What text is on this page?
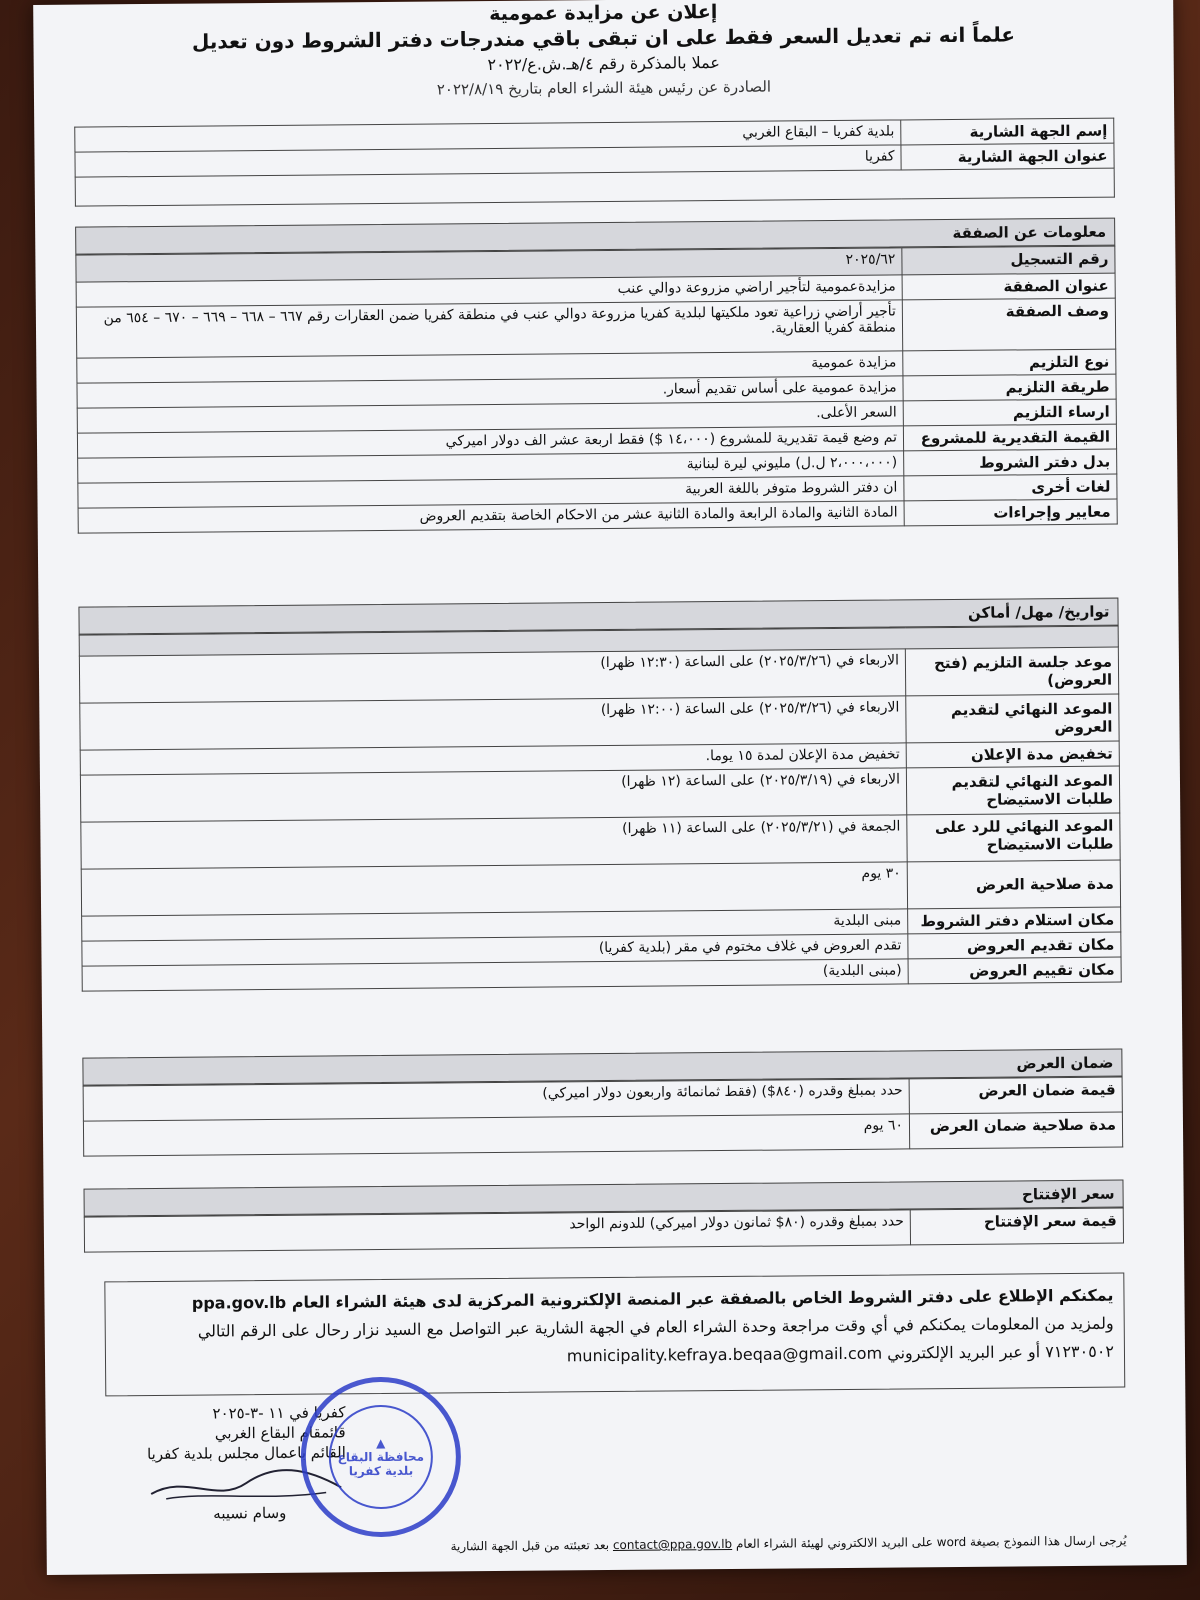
إعلان عن مزايدة عمومية

علماً انه تم تعديل السعر فقط على ان تبقى باقي مندرجات دفتر الشروط دون تعديل

عملا بالمذكرة رقم ٤/هـ.ش.ع/٢٠٢٢

الصادرة عن رئيس هيئة الشراء العام بتاريخ ٢٠٢٢/٨/١٩

إسم الجهة الشارية	بلدية كفريا – البقاع الغربي
عنوان الجهة الشارية	كفريا

معلومات عن الصفقة
رقم التسجيل	٢٠٢٥/٦٢
عنوان الصفقة	مزايدةعمومية لتأجير اراضي مزروعة دوالي عنب
وصف الصفقة	تأجير أراضي زراعية تعود ملكيتها لبلدية كفريا مزروعة دوالي عنب في منطقة كفريا ضمن العقارات رقم ٦٦٧ – ٦٦٨ – ٦٦٩ – ٦٧٠ – ٦٥٤ من منطقة كفريا العقارية.
نوع التلزيم	مزايدة عمومية
طريقة التلزيم	مزايدة عمومية على أساس تقديم أسعار.
ارساء التلزيم	السعر الأعلى.
القيمة التقديرية للمشروع	تم وضع قيمة تقديرية للمشروع (١٤،٠٠٠ $) فقط اربعة عشر الف دولار اميركي
بدل دفتر الشروط	(٢،٠٠٠،٠٠٠ ل.ل) مليوني ليرة لبنانية
لغات أخرى	ان دفتر الشروط متوفر باللغة العربية
معايير وإجراءات	المادة الثانية والمادة الرابعة والمادة الثانية عشر من الاحكام الخاصة بتقديم العروض
تواريخ/ مهل/ أماكن

موعد جلسة التلزيم (فتح العروض)	الاربعاء في (٢٠٢٥/٣/٢٦) على الساعة (١٢:٣٠ ظهرا)
الموعد النهائي لتقديم العروض	الاربعاء في (٢٠٢٥/٣/٢٦) على الساعة (١٢:٠٠ ظهرا)
تخفيض مدة الإعلان	تخفيض مدة الإعلان لمدة ١٥ يوما.
الموعد النهائي لتقديم طلبات الاستيضاح	الاربعاء في (٢٠٢٥/٣/١٩) على الساعة (١٢ ظهرا)
الموعد النهائي للرد على طلبات الاستيضاح	الجمعة في (٢٠٢٥/٣/٢١) على الساعة (١١ ظهرا)
مدة صلاحية العرض	٣٠ يوم
مكان استلام دفتر الشروط	مبنى البلدية
مكان تقديم العروض	تقدم العروض في غلاف مختوم في مقر (بلدية كفريا)
مكان تقييم العروض	(مبنى البلدية)
ضمان العرض
قيمة ضمان العرض	حدد بمبلغ وقدره (٨٤٠$) (فقط ثمانمائة واربعون دولار اميركي)
مدة صلاحية ضمان العرض	٦٠ يوم
سعر الإفتتاح
قيمة سعر الإفتتاح	حدد بمبلغ وقدره (٨٠$ ثمانون دولار اميركي) للدونم الواحد
يمكنكم الإطلاع على دفتر الشروط الخاص بالصفقة عبر المنصة الإلكترونية المركزية لدى هيئة الشراء العام ppa.gov.lb
ولمزيد من المعلومات يمكنكم في أي وقت مراجعة وحدة الشراء العام في الجهة الشارية عبر التواصل مع السيد نزار رحال على الرقم التالي
٧١٢٣٠٥٠٢ أو عبر البريد الإلكتروني municipality.kefraya.beqaa@gmail.com
كفريا في ١١ -٣-٢٠٢٥
قائمقام البقاع الغربي
القائم باعمال مجلس بلدية كفريا
وسام نسيبه
▲
محافظة البقاع
بلدية كفريا
يُرجى ارسال هذا النموذج بصيغة word على البريد الالكتروني لهيئة الشراء العام contact@ppa.gov.lb بعد تعبئته من قبل الجهة الشارية
